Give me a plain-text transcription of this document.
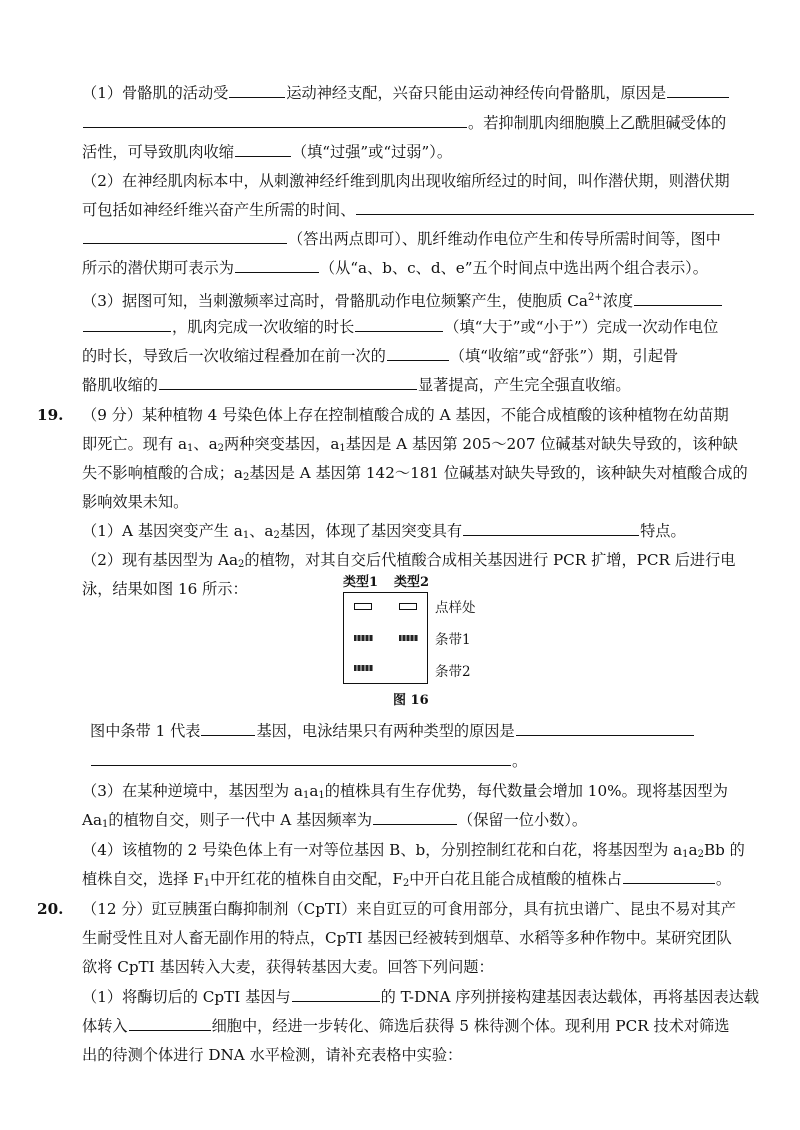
（1）骨骼肌的活动受	运动神经支配，兴奋只能由运动神经传向骨骼肌，原因是
。若抑制肌肉细胞膜上乙酰胆碱受体的
活性，可导致肌肉收缩	（填“过强”或“过弱”）。
（2）在神经肌肉标本中，从刺激神经纤维到肌肉出现收缩所经过的时间，叫作潜伏期，则潜伏期
可包括如神经纤维兴奋产生所需的时间、
（答出两点即可）、肌纤维动作电位产生和传导所需时间等，图中
所示的潜伏期可表示为	（从“a、b、c、d、e”五个时间点中选出两个组合表示）。
（3）据图可知，当刺激频率过高时，骨骼肌动作电位频繁产生，使胞质 $Ca^{2+}$浓度
，肌肉完成一次收缩的时长	（填“大于”或“小于”）完成一次动作电位
的时长，导致后一次收缩过程叠加在前一次的	（填“收缩”或“舒张”）期，引起骨
骼肌收缩的	显著提高，产生完全强直收缩。
19. （9 分）某种植物 4 号染色体上存在控制植酸合成的 A 基因，不能合成植酸的该种植物在幼苗期
即死亡。现有 $a_1$、$a_2$两种突变基因，$a_1$基因是 A 基因第 205～207 位碱基对缺失导致的，该种缺
失不影响植酸的合成；$a_2$基因是 A 基因第 142～181 位碱基对缺失导致的，该种缺失对植酸合成的
影响效果未知。
（1）A 基因突变产生 $a_1$、$a_2$基因，体现了基因突变具有	特点。
（2）现有基因型为 $Aa_2$的植物，对其自交后代植酸合成相关基因进行 PCR 扩增，PCR 后进行电
泳，结果如图 16 所示：	类型1 类型2
点样处
条带1
条带2
图 16
图中条带 1 代表	基因，电泳结果只有两种类型的原因是
。
（3）在某种逆境中，基因型为 $a_1a_1$的植株具有生存优势，每代数量会增加 10%。现将基因型为
$Aa_1$的植物自交，则子一代中 A 基因频率为	（保留一位小数）。
（4）该植物的 2 号染色体上有一对等位基因 B、b，分别控制红花和白花，将基因型为 $a_1a_2Bb$ 的
植株自交，选择 $F_1$中开红花的植株自由交配，$F_2$中开白花且能合成植酸的植株占	。
20. （12 分）豇豆胰蛋白酶抑制剂（CpTI）来自豇豆的可食用部分，具有抗虫谱广、昆虫不易对其产
生耐受性且对人畜无副作用的特点，CpTI 基因已经被转到烟草、水稻等多种作物中。某研究团队
欲将 CpTI 基因转入大麦，获得转基因大麦。回答下列问题：
（1）将酶切后的 CpTI 基因与	的 T-DNA 序列拼接构建基因表达载体，再将基因表达载
体转入	细胞中，经进一步转化、筛选后获得 5 株待测个体。现利用 PCR 技术对筛选
出的待测个体进行 DNA 水平检测，请补充表格中实验：
